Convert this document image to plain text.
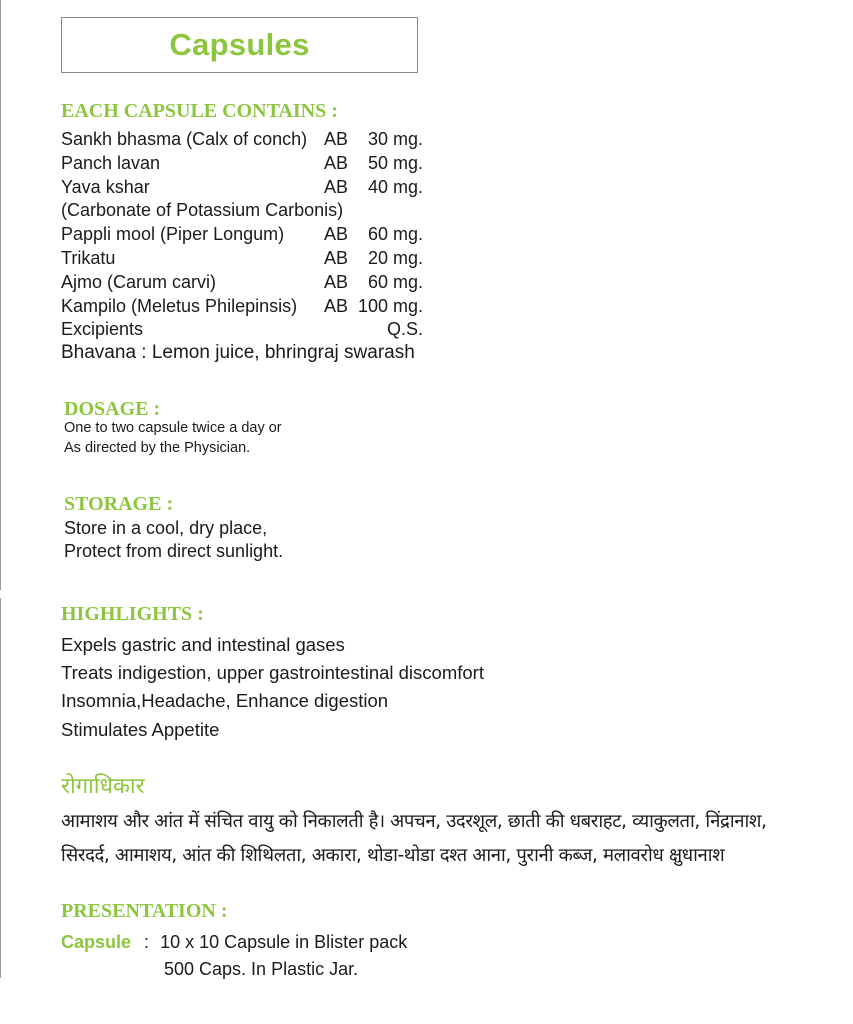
Capsules
EACH CAPSULE CONTAINS :
Sankh bhasma (Calx of conch) AB 30 mg.
Panch lavan	AB 50 mg.
Yava kshar	AB 40 mg.
(Carbonate of Potassium Carbonis)
Pappli mool (Piper Longum) AB 60 mg.
Trikatu	AB 20 mg.
Ajmo (Carum carvi)	AB 60 mg.
Kampilo (Meletus Philepinsis) AB 100 mg.
Excipients	Q.S.
Bhavana : Lemon juice, bhringraj swarash
DOSAGE :
One to two capsule twice a day or
As directed by the Physician.
STORAGE :
Store in a cool, dry place,
Protect from direct sunlight.
HIGHLIGHTS :
Expels gastric and intestinal gases
Treats indigestion, upper gastrointestinal discomfort
Insomnia,Headache, Enhance digestion
Stimulates Appetite
रोगाधिकार
आमाशय और आंत में संचित वायु को निकालती है। अपचन, उदरशूल, छाती की धबराहट, व्याकुलता, निंद्रानाश,
सिरदर्द, आमाशय, आंत की शिथिलता, अकारा, थोडा-थोडा दश्त आना, पुरानी कब्ज, मलावरोध क्षुधानाश
PRESENTATION :
Capsule : 10 x 10 Capsule in Blister pack
500 Caps. In Plastic Jar.
